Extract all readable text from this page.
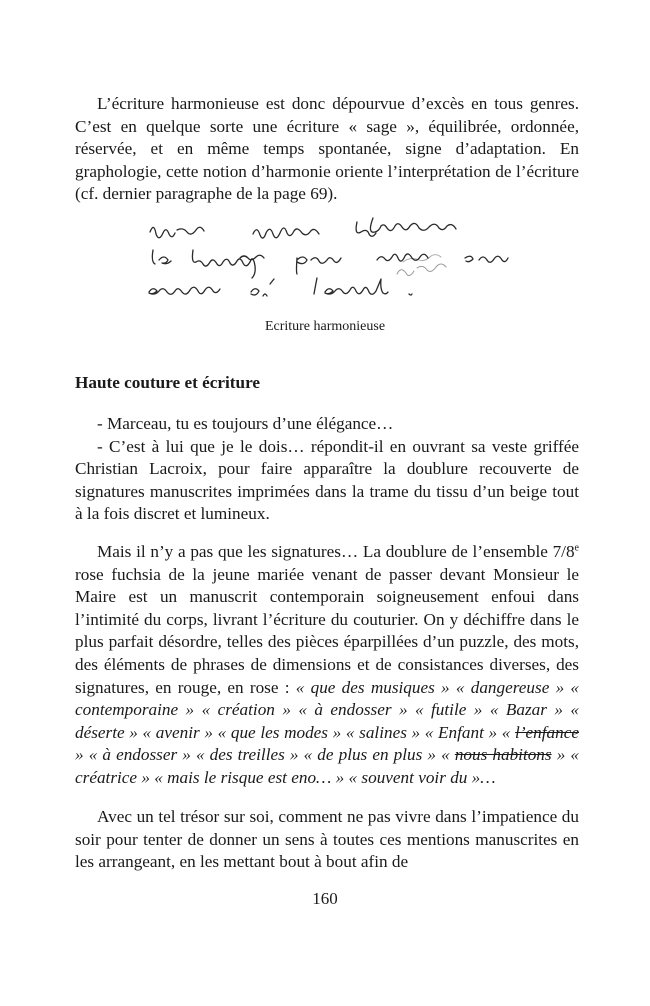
L’écriture harmonieuse est donc dépourvue d’excès en tous genres. C’est en quelque sorte une écriture « sage », équilibrée, ordonnée, réservée, et en même temps spontanée, signe d’adaptation. En graphologie, cette notion d’harmonie oriente l’interprétation de l’écriture (cf. dernier paragraphe de la page 69).

Ecriture harmonieuse
Haute couture et écriture

- Marceau, tu es toujours d’une élégance…

- C’est à lui que je le dois… répondit-il en ouvrant sa veste griffée Christian Lacroix, pour faire apparaître la doublure recouverte de signatures manuscrites imprimées dans la trame du tissu d’un beige tout à la fois discret et lumineux.

Mais il n’y a pas que les signatures… La doublure de l’ensemble 7/8e rose fuchsia de la jeune mariée venant de passer devant Monsieur le Maire est un manuscrit contemporain soigneusement enfoui dans l’intimité du corps, livrant l’écriture du couturier. On y déchiffre dans le plus parfait désordre, telles des pièces éparpillées d’un puzzle, des mots, des éléments de phrases de dimensions et de consistances diverses, des signatures, en rouge, en rose : « que des musiques » « dangereuse » « contemporaine » « création » « à endosser » « futile » « Bazar » « déserte » « avenir » « que les modes » « salines » « Enfant » « l’enfance » « à endosser » « des treilles » « de plus en plus » « nous habitons » « créatrice » « mais le risque est eno… » « souvent voir du »…

Avec un tel trésor sur soi, comment ne pas vivre dans l’impatience du soir pour tenter de donner un sens à toutes ces mentions manuscrites en les arrangeant, en les mettant bout à bout afin de

160
